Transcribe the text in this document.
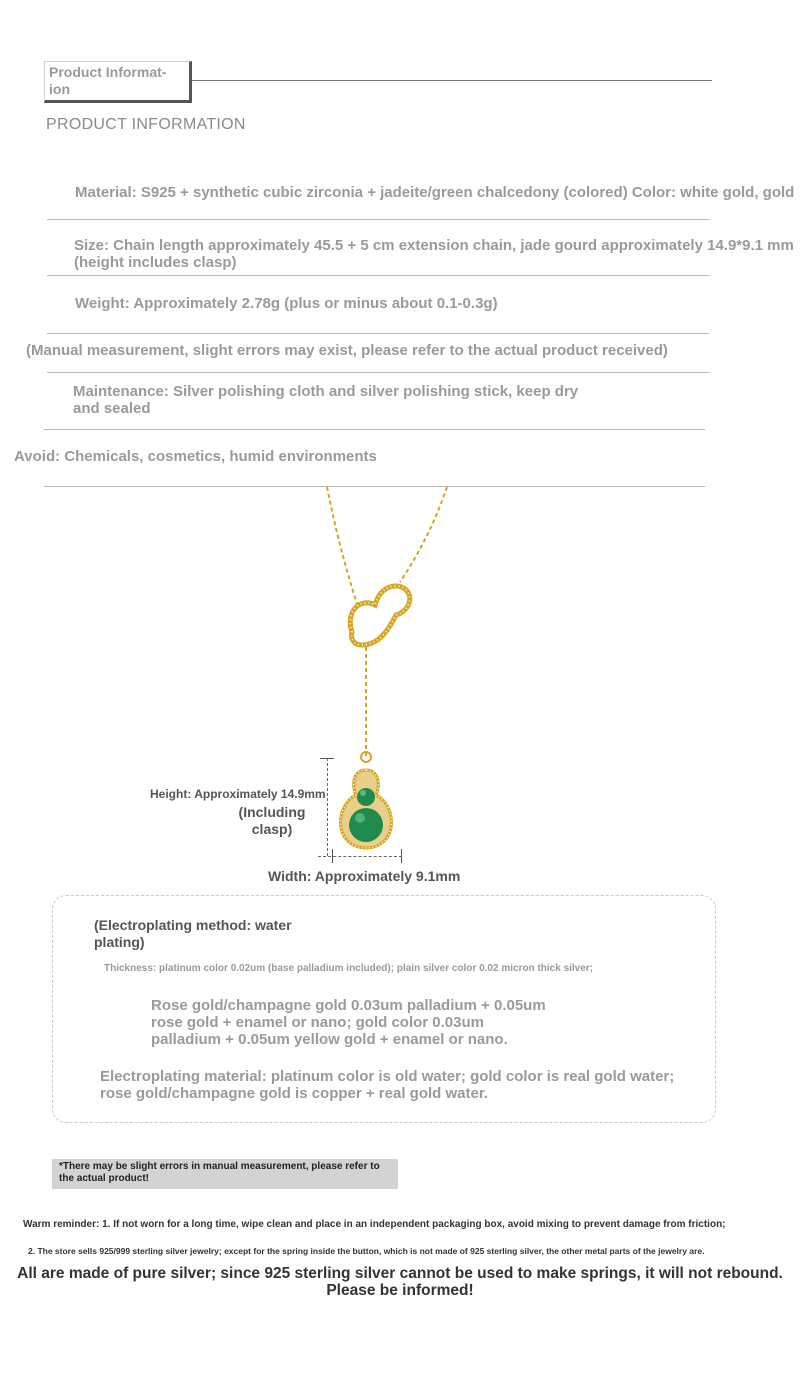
Product Informat-
ion
PRODUCT INFORMATION
Material: S925 + synthetic cubic zirconia + jadeite/green chalcedony (colored) Color: white gold, gold
Size: Chain length approximately 45.5 + 5 cm extension chain, jade gourd approximately 14.9*9.1 mm (height includes clasp)
Weight: Approximately 2.78g (plus or minus about 0.1-0.3g)
(Manual measurement, slight errors may exist, please refer to the actual product received)
Maintenance: Silver polishing cloth and silver polishing stick, keep dry and sealed
Avoid: Chemicals, cosmetics, humid environments
Height: Approximately 14.9mm
(Including clasp)
Width: Approximately 9.1mm
(Electroplating method: water plating)
Thickness: platinum color 0.02um (base palladium included); plain silver color 0.02 micron thick silver;
Rose gold/champagne gold 0.03um palladium + 0.05um rose gold + enamel or nano; gold color 0.03um palladium + 0.05um yellow gold + enamel or nano.
Electroplating material: platinum color is old water; gold color is real gold water; rose gold/champagne gold is copper + real gold water.
*There may be slight errors in manual measurement, please refer to the actual product!
Warm reminder: 1. If not worn for a long time, wipe clean and place in an independent packaging box, avoid mixing to prevent damage from friction;
2. The store sells 925/999 sterling silver jewelry; except for the spring inside the button, which is not made of 925 sterling silver, the other metal parts of the jewelry are.
All are made of pure silver; since 925 sterling silver cannot be used to make springs, it will not rebound. Please be informed!
